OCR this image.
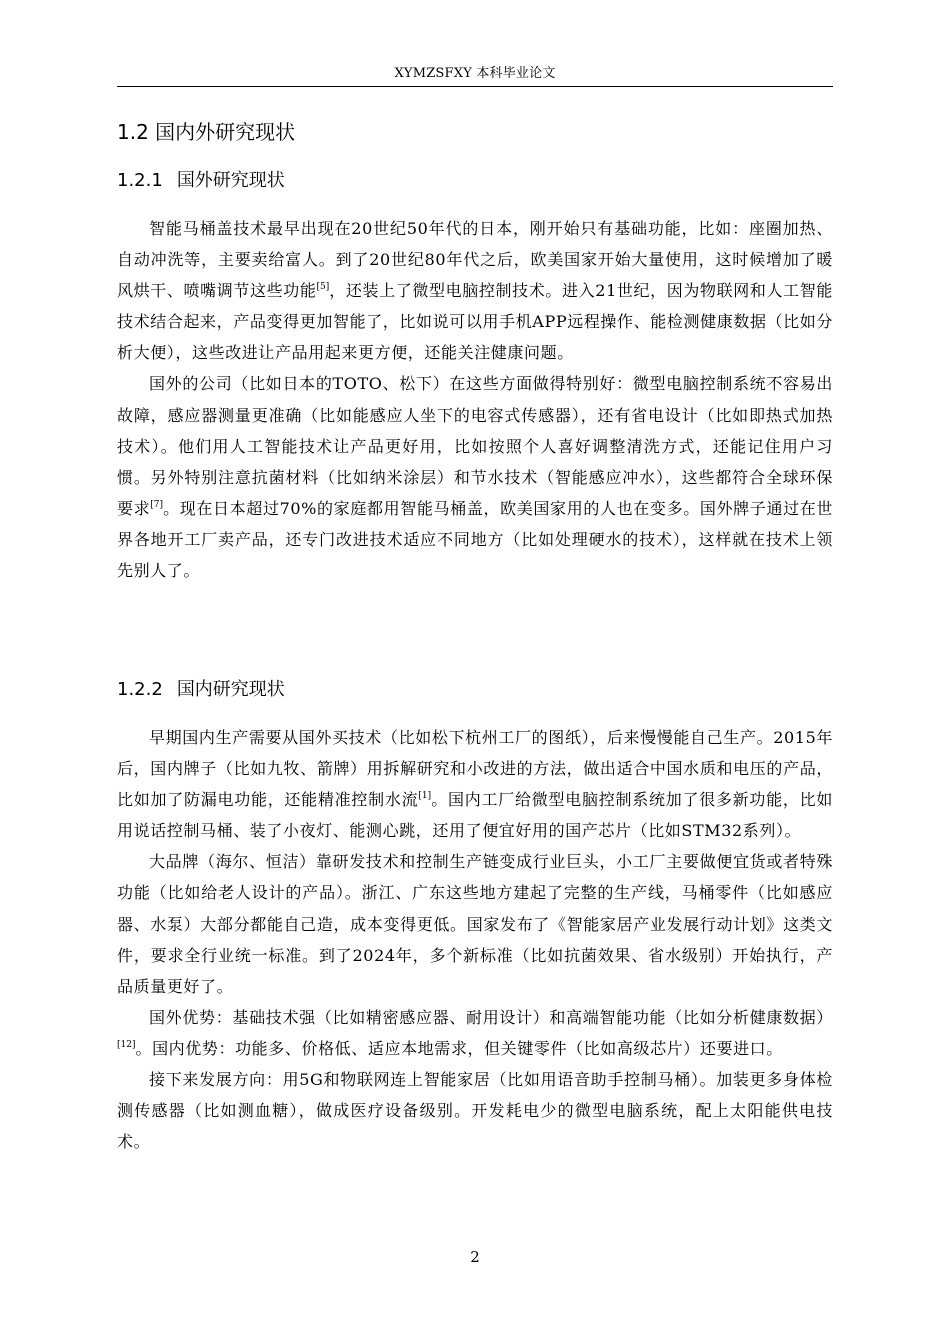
XYMZSFXY 本科毕业论文
1.2 国内外研究现状
1.2.1 国外研究现状

智能马桶盖技术最早出现在20世纪50年代的日本，刚开始只有基础功能，比如：座圈加热、自动冲洗等，主要卖给富人。到了20世纪80年代之后，欧美国家开始大量使用，这时候增加了暖风烘干、喷嘴调节这些功能[5]，还装上了微型电脑控制技术。进入21世纪，因为物联网和人工智能技术结合起来，产品变得更加智能了，比如说可以用手机APP远程操作、能检测健康数据（比如分析大便），这些改进让产品用起来更方便，还能关注健康问题。

国外的公司（比如日本的TOTO、松下）在这些方面做得特别好：微型电脑控制系统不容易出故障，感应器测量更准确（比如能感应人坐下的电容式传感器），还有省电设计（比如即热式加热技术）。他们用人工智能技术让产品更好用，比如按照个人喜好调整清洗方式，还能记住用户习惯。另外特别注意抗菌材料（比如纳米涂层）和节水技术（智能感应冲水），这些都符合全球环保要求[7]。现在日本超过70%的家庭都用智能马桶盖，欧美国家用的人也在变多。国外牌子通过在世界各地开工厂卖产品，还专门改进技术适应不同地方（比如处理硬水的技术），这样就在技术上领先别人了。

1.2.2 国内研究现状

早期国内生产需要从国外买技术（比如松下杭州工厂的图纸），后来慢慢能自己生产。2015年后，国内牌子（比如九牧、箭牌）用拆解研究和小改进的方法，做出适合中国水质和电压的产品，比如加了防漏电功能，还能精准控制水流[1]。国内工厂给微型电脑控制系统加了很多新功能，比如用说话控制马桶、装了小夜灯、能测心跳，还用了便宜好用的国产芯片（比如STM32系列）。

大品牌（海尔、恒洁）靠研发技术和控制生产链变成行业巨头，小工厂主要做便宜货或者特殊功能（比如给老人设计的产品）。浙江、广东这些地方建起了完整的生产线，马桶零件（比如感应器、水泵）大部分都能自己造，成本变得更低。国家发布了《智能家居产业发展行动计划》这类文件，要求全行业统一标准。到了2024年，多个新标准（比如抗菌效果、省水级别）开始执行，产品质量更好了。

国外优势：基础技术强（比如精密感应器、耐用设计）和高端智能功能（比如分析健康数据）[12]。国内优势：功能多、价格低、适应本地需求，但关键零件（比如高级芯片）还要进口。

接下来发展方向：用5G和物联网连上智能家居（比如用语音助手控制马桶）。加装更多身体检测传感器（比如测血糖），做成医疗设备级别。开发耗电少的微型电脑系统，配上太阳能供电技术。

2
